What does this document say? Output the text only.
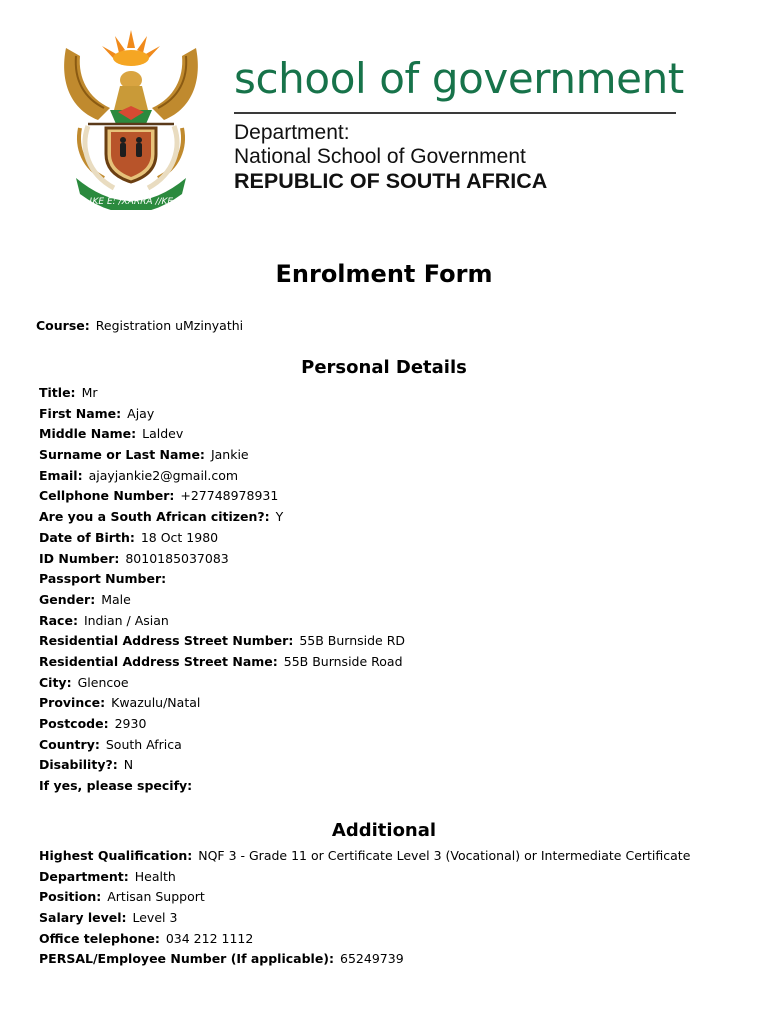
!KE E: /XARRA //KE
school of government
Department:
National School of Government
REPUBLIC OF SOUTH AFRICA
Enrolment Form
Course: Registration uMzinyathi
Personal Details
Title: Mr
First Name: Ajay
Middle Name: Laldev
Surname or Last Name: Jankie
Email: ajayjankie2@gmail.com
Cellphone Number: +27748978931
Are you a South African citizen?: Y
Date of Birth: 18 Oct 1980
ID Number: 8010185037083
Passport Number:
Gender: Male
Race: Indian / Asian
Residential Address Street Number: 55B Burnside RD
Residential Address Street Name: 55B Burnside Road
City: Glencoe
Province: Kwazulu/Natal
Postcode: 2930
Country: South Africa
Disability?: N
If yes, please specify:
Additional
Highest Qualification: NQF 3 - Grade 11 or Certificate Level 3 (Vocational) or Intermediate Certificate
Department: Health
Position: Artisan Support
Salary level: Level 3
Office telephone: 034 212 1112
PERSAL/Employee Number (If applicable): 65249739
